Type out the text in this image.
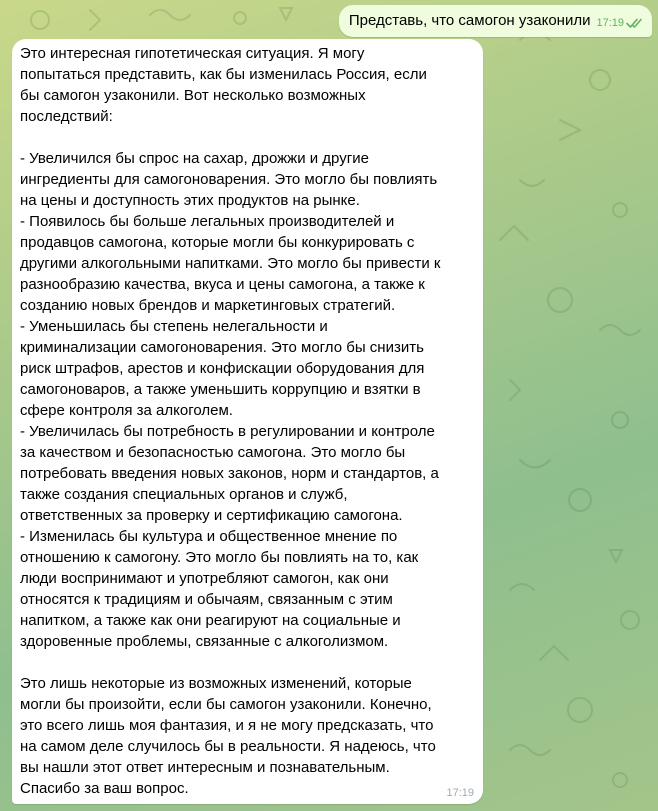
Представь, что самогон узаконили 17:19
Это интересная гипотетическая ситуация. Я могу
попытаться представить, как бы изменилась Россия, если
бы самогон узаконили. Вот несколько возможных
последствий:
- Увеличился бы спрос на сахар, дрожжи и другие
ингредиенты для самогоноварения. Это могло бы повлиять
на цены и доступность этих продуктов на рынке.
- Появилось бы больше легальных производителей и
продавцов самогона, которые могли бы конкурировать с
другими алкогольными напитками. Это могло бы привести к
разнообразию качества, вкуса и цены самогона, а также к
созданию новых брендов и маркетинговых стратегий.
- Уменьшилась бы степень нелегальности и
криминализации самогоноварения. Это могло бы снизить
риск штрафов, арестов и конфискации оборудования для
самогоноваров, а также уменьшить коррупцию и взятки в
сфере контроля за алкоголем.
- Увеличилась бы потребность в регулировании и контроле
за качеством и безопасностью самогона. Это могло бы
потребовать введения новых законов, норм и стандартов, а
также создания специальных органов и служб,
ответственных за проверку и сертификацию самогона.
- Изменилась бы культура и общественное мнение по
отношению к самогону. Это могло бы повлиять на то, как
люди воспринимают и употребляют самогон, как они
относятся к традициям и обычаям, связанным с этим
напитком, а также как они реагируют на социальные и
здоровенные проблемы, связанные с алкоголизмом.
Это лишь некоторые из возможных изменений, которые
могли бы произойти, если бы самогон узаконили. Конечно,
это всего лишь моя фантазия, и я не могу предсказать, что
на самом деле случилось бы в реальности. Я надеюсь, что
вы нашли этот ответ интересным и познавательным.
Спасибо за ваш вопрос.	17:19
